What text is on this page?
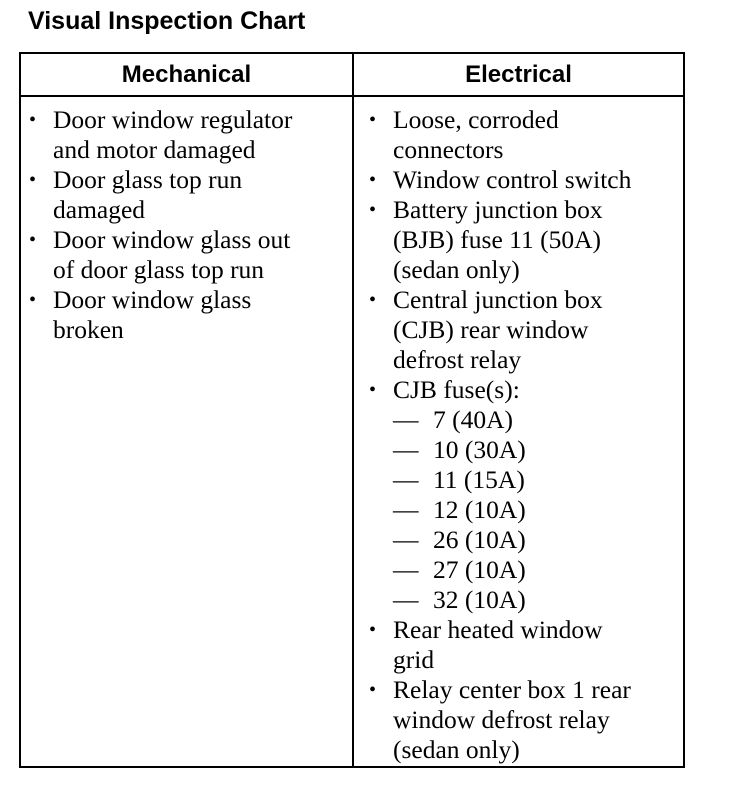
Visual Inspection Chart
Mechanical	Electrical
• Door window regulator
and motor damaged
• Door glass top run
damaged
• Door window glass out
of door glass top run
• Door window glass
broken
• Loose, corroded
connectors
• Window control switch
• Battery junction box
(BJB) fuse 11 (50A)
(sedan only)
• Central junction box
(CJB) rear window
defrost relay
• CJB fuse(s):
— 7 (40A)
— 10 (30A)
— 11 (15A)
— 12 (10A)
— 26 (10A)
— 27 (10A)
— 32 (10A)
• Rear heated window
grid
• Relay center box 1 rear
window defrost relay
(sedan only)
